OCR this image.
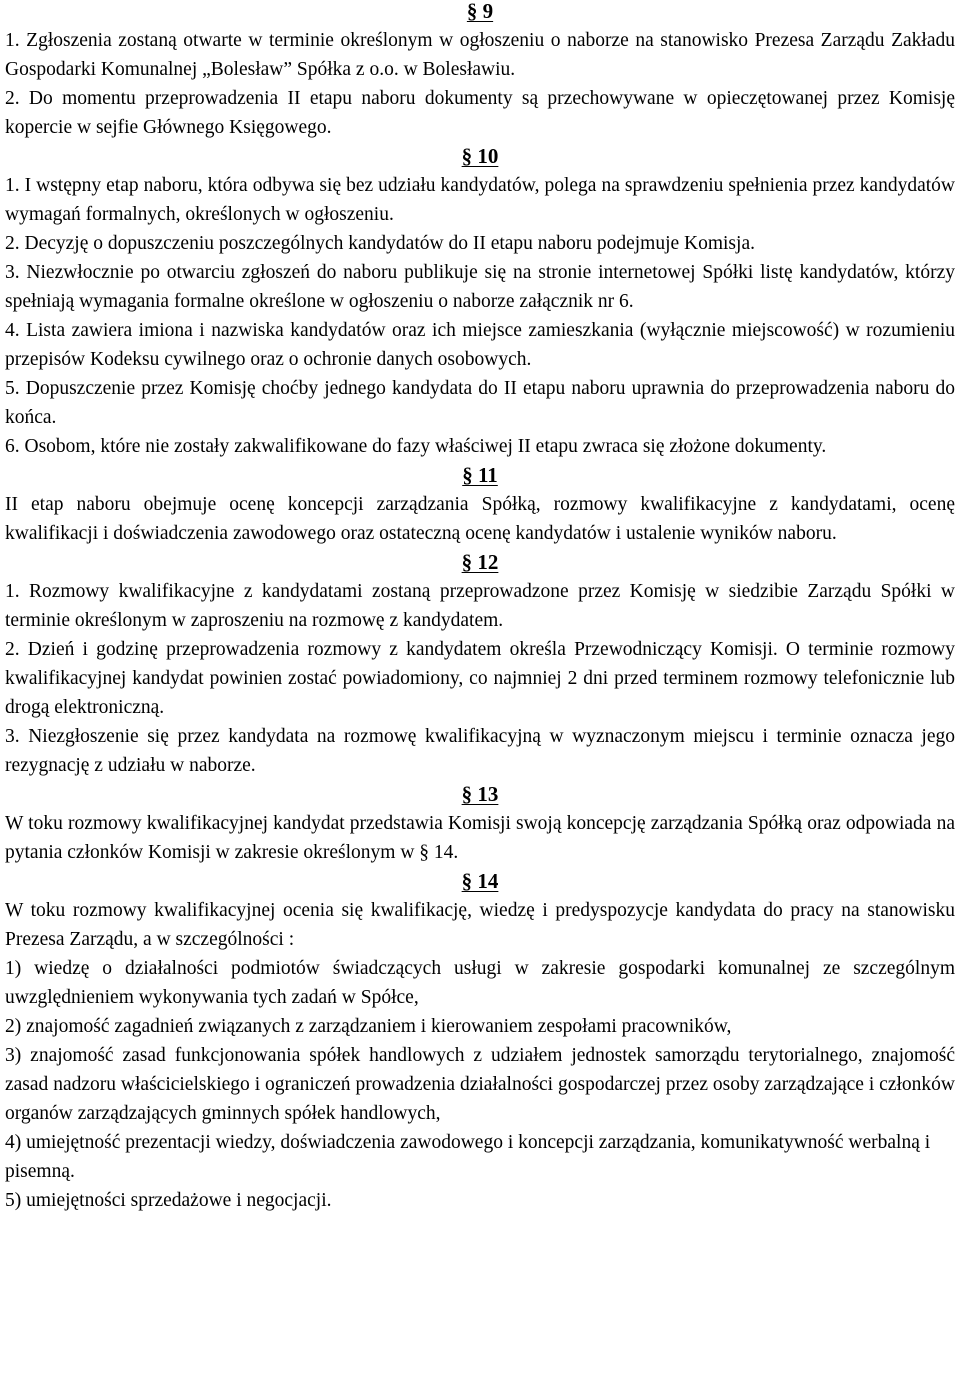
§ 9

1. Zgłoszenia zostaną otwarte w terminie określonym w ogłoszeniu o naborze na stanowisko Prezesa Zarządu Zakładu Gospodarki Komunalnej „Bolesław” Spółka z o.o. w Bolesławiu.

2. Do momentu przeprowadzenia II etapu naboru dokumenty są przechowywane w opieczętowanej przez Komisję kopercie w sejfie Głównego Księgowego.

§ 10

1. I wstępny etap naboru, która odbywa się bez udziału kandydatów, polega na sprawdzeniu spełnienia przez kandydatów wymagań formalnych, określonych w ogłoszeniu.

2. Decyzję o dopuszczeniu poszczególnych kandydatów do II etapu naboru podejmuje Komisja.

3. Niezwłocznie po otwarciu zgłoszeń do naboru publikuje się na stronie internetowej Spółki listę kandydatów, którzy spełniają wymagania formalne określone w ogłoszeniu o naborze załącznik nr 6.

4. Lista zawiera imiona i nazwiska kandydatów oraz ich miejsce zamieszkania (wyłącznie miejscowość) w rozumieniu przepisów Kodeksu cywilnego oraz o ochronie danych osobowych.

5. Dopuszczenie przez Komisję choćby jednego kandydata do II etapu naboru uprawnia do przeprowadzenia naboru do końca.

6. Osobom, które nie zostały zakwalifikowane do fazy właściwej II etapu zwraca się złożone dokumenty.

§ 11

II etap naboru obejmuje ocenę koncepcji zarządzania Spółką, rozmowy kwalifikacyjne z kandydatami, ocenę kwalifikacji i doświadczenia zawodowego oraz ostateczną ocenę kandydatów i ustalenie wyników naboru.

§ 12

1. Rozmowy kwalifikacyjne z kandydatami zostaną przeprowadzone przez Komisję w siedzibie Zarządu Spółki w terminie określonym w zaproszeniu na rozmowę z kandydatem.

2. Dzień i godzinę przeprowadzenia rozmowy z kandydatem określa Przewodniczący Komisji. O terminie rozmowy kwalifikacyjnej kandydat powinien zostać powiadomiony, co najmniej 2 dni przed terminem rozmowy telefonicznie lub drogą elektroniczną.

3. Niezgłoszenie się przez kandydata na rozmowę kwalifikacyjną w wyznaczonym miejscu i terminie oznacza jego rezygnację z udziału w naborze.

§ 13

W toku rozmowy kwalifikacyjnej kandydat przedstawia Komisji swoją koncepcję zarządzania Spółką oraz odpowiada na pytania członków Komisji w zakresie określonym w § 14.

§ 14

W toku rozmowy kwalifikacyjnej ocenia się kwalifikację, wiedzę i predyspozycje kandydata do pracy na stanowisku Prezesa Zarządu, a w szczególności :

1) wiedzę o działalności podmiotów świadczących usługi w zakresie gospodarki komunalnej ze szczególnym uwzględnieniem wykonywania tych zadań w Spółce,

2) znajomość zagadnień związanych z zarządzaniem i kierowaniem zespołami pracowników,

3) znajomość zasad funkcjonowania spółek handlowych z udziałem jednostek samorządu terytorialnego, znajomość zasad nadzoru właścicielskiego i ograniczeń prowadzenia działalności gospodarczej przez osoby zarządzające i członków organów zarządzających gminnych spółek handlowych,

4) umiejętność prezentacji wiedzy, doświadczenia zawodowego i koncepcji zarządzania, komunikatywność werbalną i pisemną.

5) umiejętności sprzedażowe i negocjacji.
